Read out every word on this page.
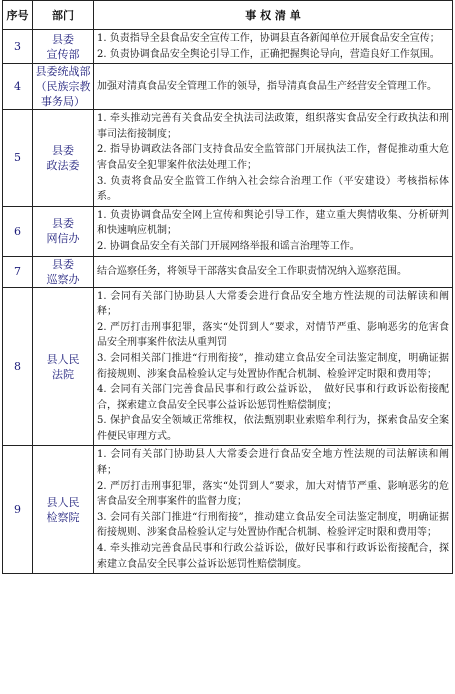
序号	部门	事 权 清 单
3	县委
宣传部	1. 负责指导全县食品安全宣传工作，协调县直各新闻单位开展食品安全宣传；
2. 负责协调食品安全舆论引导工作，正确把握舆论导向，营造良好工作氛围。

4	县委统战部
（民族宗教
事务局）	加强对清真食品安全管理工作的领导，指导清真食品生产经营安全管理工作。

5	县委
政法委	1. 牵头推动完善有关食品安全执法司法政策，组织落实食品安全行政执法和刑事司法衔接制度；
2. 指导协调政法各部门支持食品安全监管部门开展执法工作，督促推动重大危害食品安全犯罪案件依法处理工作；
3. 负责将食品安全监管工作纳入社会综合治理工作（平安建设）考核指标体系。

6	县委
网信办	1. 负责协调食品安全网上宣传和舆论引导工作，建立重大舆情收集、分析研判和快速响应机制；
2. 协调食品安全有关部门开展网络举报和谣言治理等工作。

7	县委
巡察办	结合巡察任务，将领导干部落实食品安全工作职责情况纳入巡察范围。

8	县人民
法院	1. 会同有关部门协助县人大常委会进行食品安全地方性法规的司法解读和阐释；
2. 严厉打击刑事犯罪，落实“处罚到人”要求，对情节严重、影响恶劣的危害食品安全刑事案件依法从重判罚
3. 会同相关部门推进“行刑衔接”，推动建立食品安全司法鉴定制度，明确证据衔接规则、涉案食品检验认定与处置协作配合机制、检验评定时限和费用等；
4. 会同有关部门完善食品民事和行政公益诉讼，　做好民事和行政诉讼衔接配合，探索建立食品安全民事公益诉讼惩罚性赔偿制度；
5. 保护食品安全领域正常维权，依法甄别职业索赔牟利行为，探索食品安全案件便民审理方式。

9	县人民
检察院	1. 会同有关部门协助县人大常委会进行食品安全地方性法规的司法解读和阐释；
2. 严厉打击刑事犯罪，落实“处罚到人”要求，加大对情节严重、影响恶劣的危害食品安全刑事案件的监督力度；
3. 会同有关部门推进“行刑衔接”，推动建立食品安全司法鉴定制度，明确证据衔接规则、涉案食品检验认定与处置协作配合机制、检验评定时限和费用等；
4. 牵头推动完善食品民事和行政公益诉讼，做好民事和行政诉讼衔接配合，探索建立食品安全民事公益诉讼惩罚性赔偿制度。
